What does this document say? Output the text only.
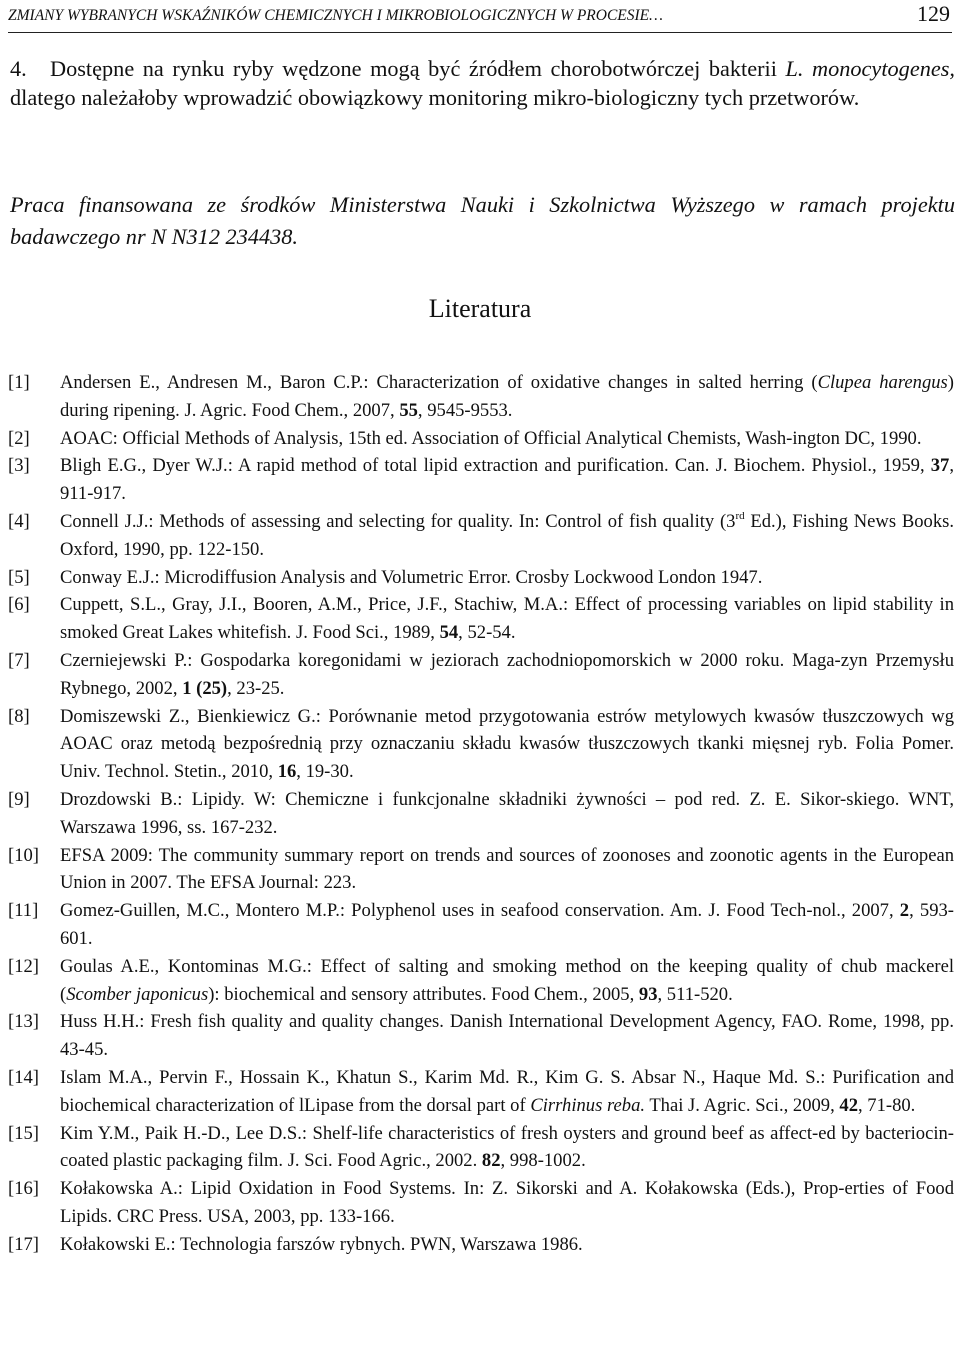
ZMIANY WYBRANYCH WSKAŹNIKÓW CHEMICZNYCH I MIKROBIOLOGICZNYCH W PROCESIE…	129
4. Dostępne na rynku ryby wędzone mogą być źródłem chorobotwórczej bakterii L. monocytogenes, dlatego należałoby wprowadzić obowiązkowy monitoring mikro-biologiczny tych przetworów.
Praca finansowana ze środków Ministerstwa Nauki i Szkolnictwa Wyższego w ramach projektu badawczego nr N N312 234438.
Literatura
[1] Andersen E., Andresen M., Baron C.P.: Characterization of oxidative changes in salted herring (Clupea harengus) during ripening. J. Agric. Food Chem., 2007, 55, 9545-9553.
[2] AOAC: Official Methods of Analysis, 15th ed. Association of Official Analytical Chemists, Wash-ington DC, 1990.
[3] Bligh E.G., Dyer W.J.: A rapid method of total lipid extraction and purification. Can. J. Biochem. Physiol., 1959, 37, 911-917.
[4] Connell J.J.: Methods of assessing and selecting for quality. In: Control of fish quality (3rd Ed.), Fishing News Books. Oxford, 1990, pp. 122-150.
[5] Conway E.J.: Microdiffusion Analysis and Volumetric Error. Crosby Lockwood London 1947.
[6] Cuppett, S.L., Gray, J.I., Booren, A.M., Price, J.F., Stachiw, M.A.: Effect of processing variables on lipid stability in smoked Great Lakes whitefish. J. Food Sci., 1989, 54, 52-54.
[7] Czerniejewski P.: Gospodarka koregonidami w jeziorach zachodniopomorskich w 2000 roku. Maga-zyn Przemysłu Rybnego, 2002, 1 (25), 23-25.
[8] Domiszewski Z., Bienkiewicz G.: Porównanie metod przygotowania estrów metylowych kwasów tłuszczowych wg AOAC oraz metodą bezpośrednią przy oznaczaniu składu kwasów tłuszczowych tkanki mięsnej ryb. Folia Pomer. Univ. Technol. Stetin., 2010, 16, 19-30.
[9] Drozdowski B.: Lipidy. W: Chemiczne i funkcjonalne składniki żywności – pod red. Z. E. Sikor-skiego. WNT, Warszawa 1996, ss. 167-232.
[10] EFSA 2009: The community summary report on trends and sources of zoonoses and zoonotic agents in the European Union in 2007. The EFSA Journal: 223.
[11] Gomez-Guillen, M.C., Montero M.P.: Polyphenol uses in seafood conservation. Am. J. Food Tech-nol., 2007, 2, 593-601.
[12] Goulas A.E., Kontominas M.G.: Effect of salting and smoking method on the keeping quality of chub mackerel (Scomber japonicus): biochemical and sensory attributes. Food Chem., 2005, 93, 511-520.
[13] Huss H.H.: Fresh fish quality and quality changes. Danish International Development Agency, FAO. Rome, 1998, pp. 43-45.
[14] Islam M.A., Pervin F., Hossain K., Khatun S., Karim Md. R., Kim G. S. Absar N., Haque Md. S.: Purification and biochemical characterization of lLipase from the dorsal part of Cirrhinus reba. Thai J. Agric. Sci., 2009, 42, 71-80.
[15] Kim Y.M., Paik H.-D., Lee D.S.: Shelf-life characteristics of fresh oysters and ground beef as affect-ed by bacteriocin-coated plastic packaging film. J. Sci. Food Agric., 2002. 82, 998-1002.
[16] Kołakowska A.: Lipid Oxidation in Food Systems. In: Z. Sikorski and A. Kołakowska (Eds.), Prop-erties of Food Lipids. CRC Press. USA, 2003, pp. 133-166.
[17] Kołakowski E.: Technologia farszów rybnych. PWN, Warszawa 1986.
